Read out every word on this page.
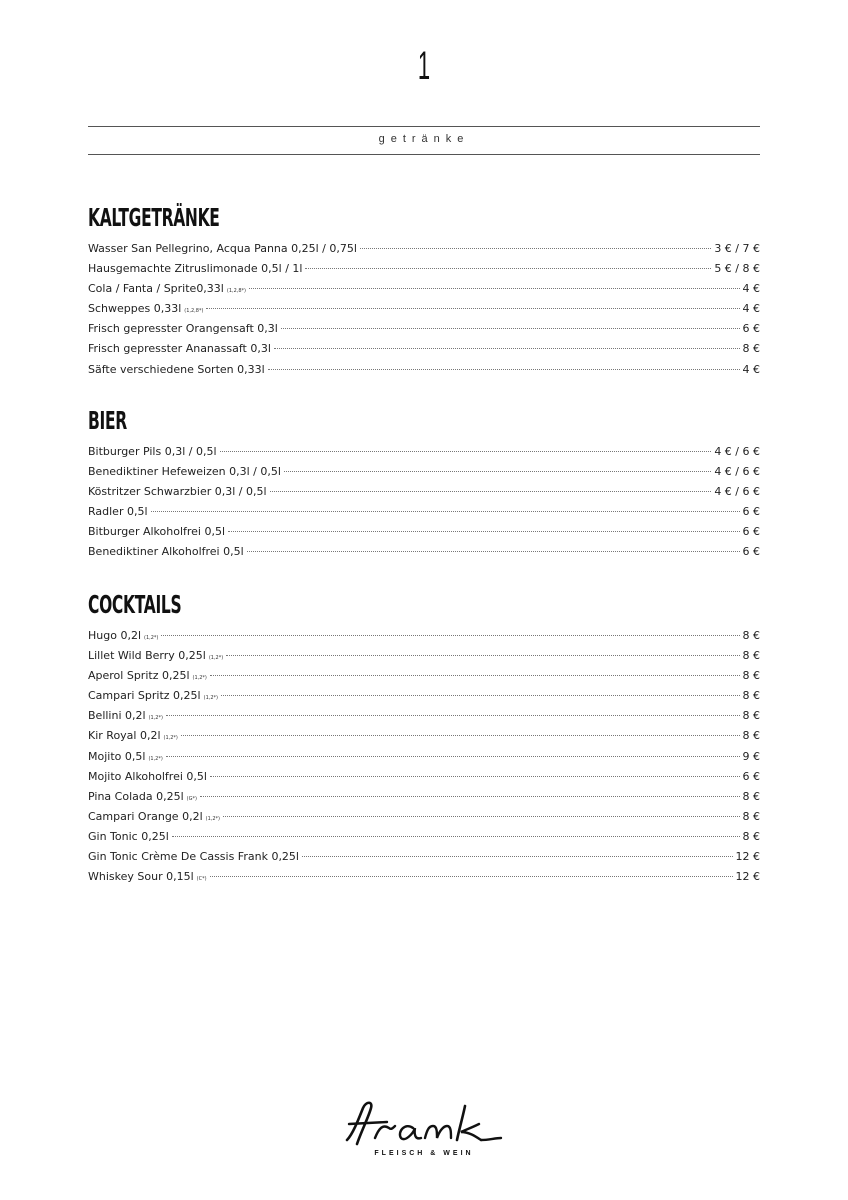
1
getränke
KALTGETRÄNKE
Wasser San Pellegrino, Acqua Panna 0,25l / 0,75l	3 € / 7 €
Hausgemachte Zitruslimonade 0,5l / 1l	5 € / 8 €
Cola / Fanta / Sprite0,33l (1,2,8*)	4 €
Schweppes 0,33l (1,2,8*)	4 €
Frisch gepresster Orangensaft 0,3l	6 €
Frisch gepresster Ananassaft 0,3l	8 €
Säfte verschiedene Sorten 0,33l	4 €
BIER
Bitburger Pils 0,3l / 0,5l	4 € / 6 €
Benediktiner Hefeweizen 0,3l / 0,5l	4 € / 6 €
Köstritzer Schwarzbier 0,3l / 0,5l	4 € / 6 €
Radler 0,5l	6 €
Bitburger Alkoholfrei 0,5l	6 €
Benediktiner Alkoholfrei 0,5l	6 €
COCKTAILS
Hugo 0,2l (1,2*)	8 €
Lillet Wild Berry 0,25l (1,2*)	8 €
Aperol Spritz 0,25l (1,2*)	8 €
Campari Spritz 0,25l (1,2*)	8 €
Bellini 0,2l (1,2*)	8 €
Kir Royal 0,2l (1,2*)	8 €
Mojito 0,5l (1,2*)	9 €
Mojito Alkoholfrei 0,5l	6 €
Pina Colada 0,25l (G*)	8 €
Campari Orange 0,2l (1,2*)	8 €
Gin Tonic 0,25l	8 €
Gin Tonic Crème De Cassis Frank 0,25l	12 €
Whiskey Sour 0,15l (C*)	12 €
FLEISCH & WEIN
